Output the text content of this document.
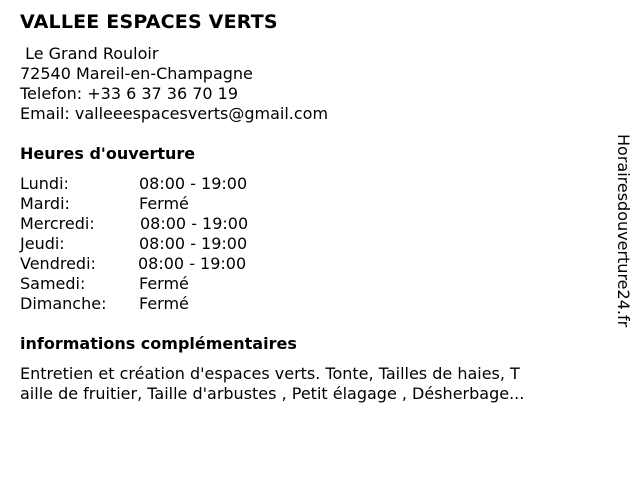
VALLEE ESPACES VERTS
Le Grand Rouloir
72540 Mareil-en-Champagne
Telefon: +33 6 37 36 70 19
Email: valleeespacesverts@gmail.com
Heures d'ouverture
Lundi:	08:00 - 19:00
Mardi:	Fermé
Mercredi:	08:00 - 19:00
Jeudi:	08:00 - 19:00
Vendredi:	08:00 - 19:00
Samedi:	Fermé
Dimanche: Fermé
informations complémentaires
Entretien et création d'espaces verts. Tonte, Tailles de haies, T
aille de fruitier, Taille d'arbustes , Petit élagage , Désherbage...
Horairesdouverture24.fr
